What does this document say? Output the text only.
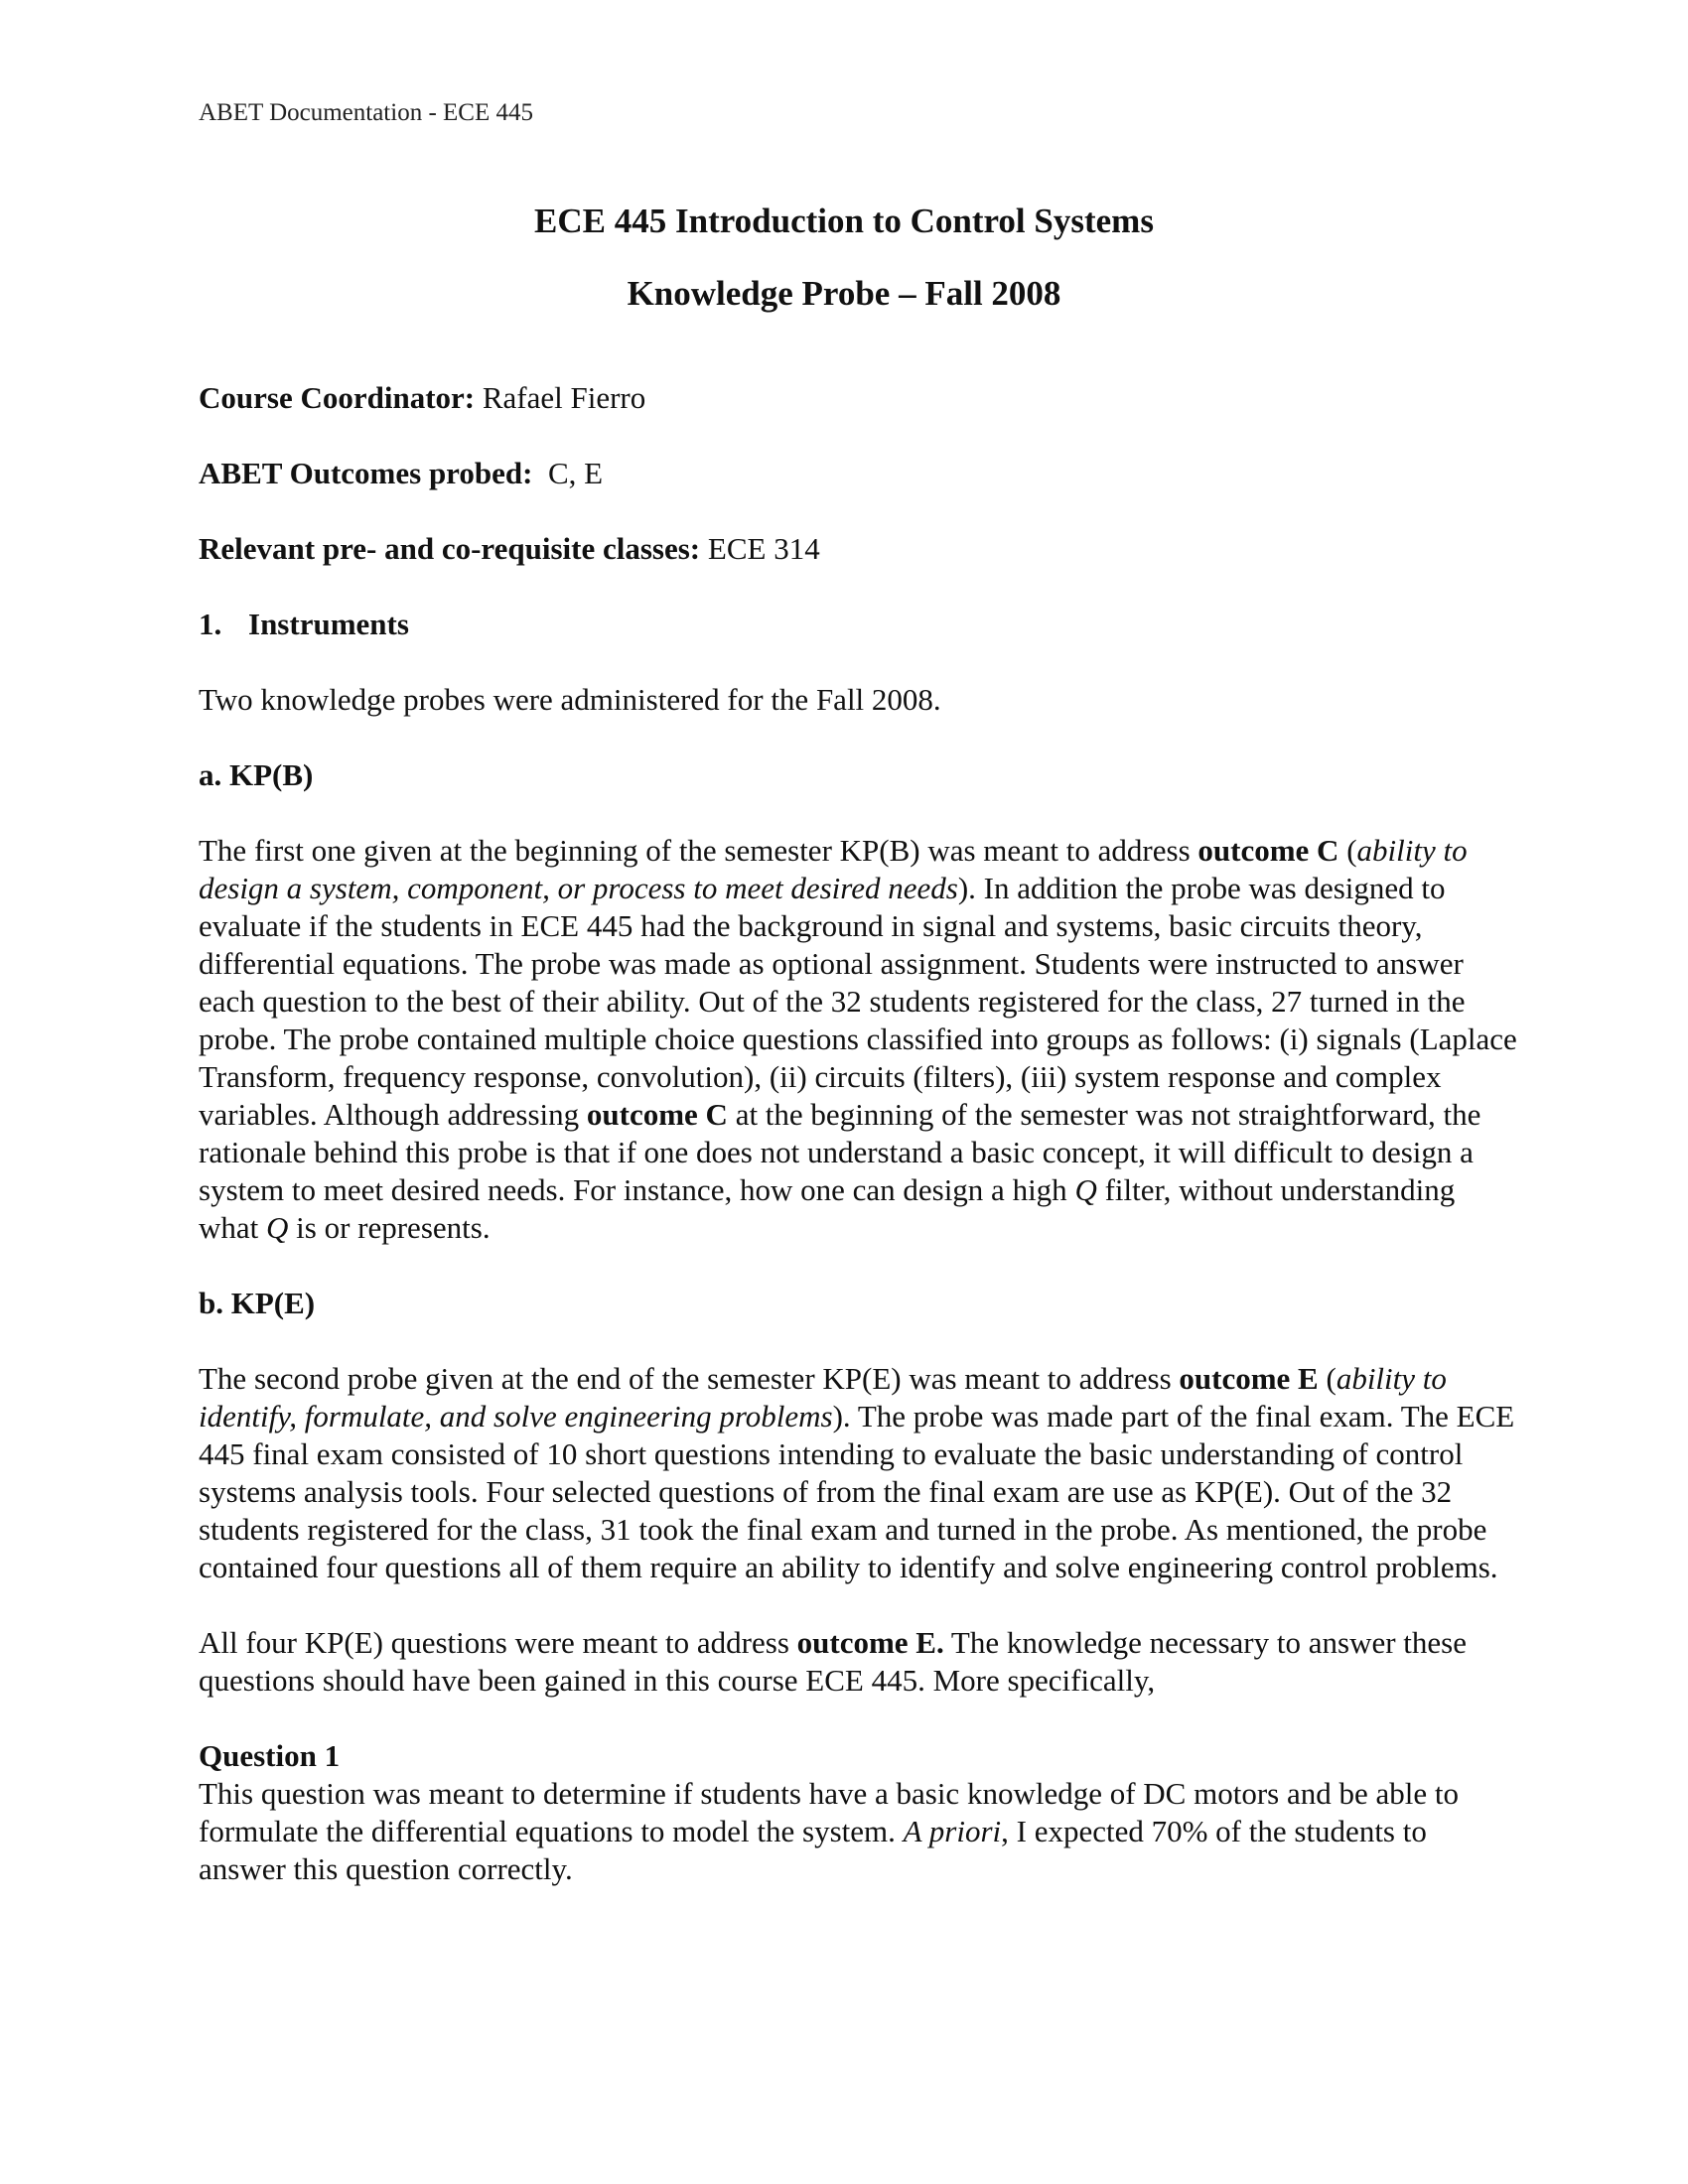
ABET Documentation - ECE 445
ECE 445 Introduction to Control Systems
Knowledge Probe – Fall 2008
Course Coordinator: Rafael Fierro
ABET Outcomes probed:  C, E
Relevant pre- and co-requisite classes: ECE 314
1. Instruments

Two knowledge probes were administered for the Fall 2008.

a. KP(B)

The first one given at the beginning of the semester KP(B) was meant to address outcome C (ability to design a system, component, or process to meet desired needs). In addition the probe was designed to evaluate if the students in ECE 445 had the background in signal and systems, basic circuits theory, differential equations. The probe was made as optional assignment. Students were instructed to answer each question to the best of their ability. Out of the 32 students registered for the class, 27 turned in the probe. The probe contained multiple choice questions classified into groups as follows: (i) signals (Laplace Transform, frequency response, convolution), (ii) circuits (filters), (iii) system response and complex variables. Although addressing outcome C at the beginning of the semester was not straightforward, the rationale behind this probe is that if one does not understand a basic concept, it will difficult to design a system to meet desired needs. For instance, how one can design a high Q filter, without understanding what Q is or represents.

b. KP(E)

The second probe given at the end of the semester KP(E) was meant to address outcome E (ability to identify, formulate, and solve engineering problems). The probe was made part of the final exam. The ECE 445 final exam consisted of 10 short questions intending to evaluate the basic understanding of control systems analysis tools. Four selected questions of from the final exam are use as KP(E). Out of the 32 students registered for the class, 31 took the final exam and turned in the probe. As mentioned, the probe contained four questions all of them require an ability to identify and solve engineering control problems.

All four KP(E) questions were meant to address outcome E. The knowledge necessary to answer these questions should have been gained in this course ECE 445. More specifically,

Question 1

This question was meant to determine if students have a basic knowledge of DC motors and be able to formulate the differential equations to model the system. A priori, I expected 70% of the students to answer this question correctly.
